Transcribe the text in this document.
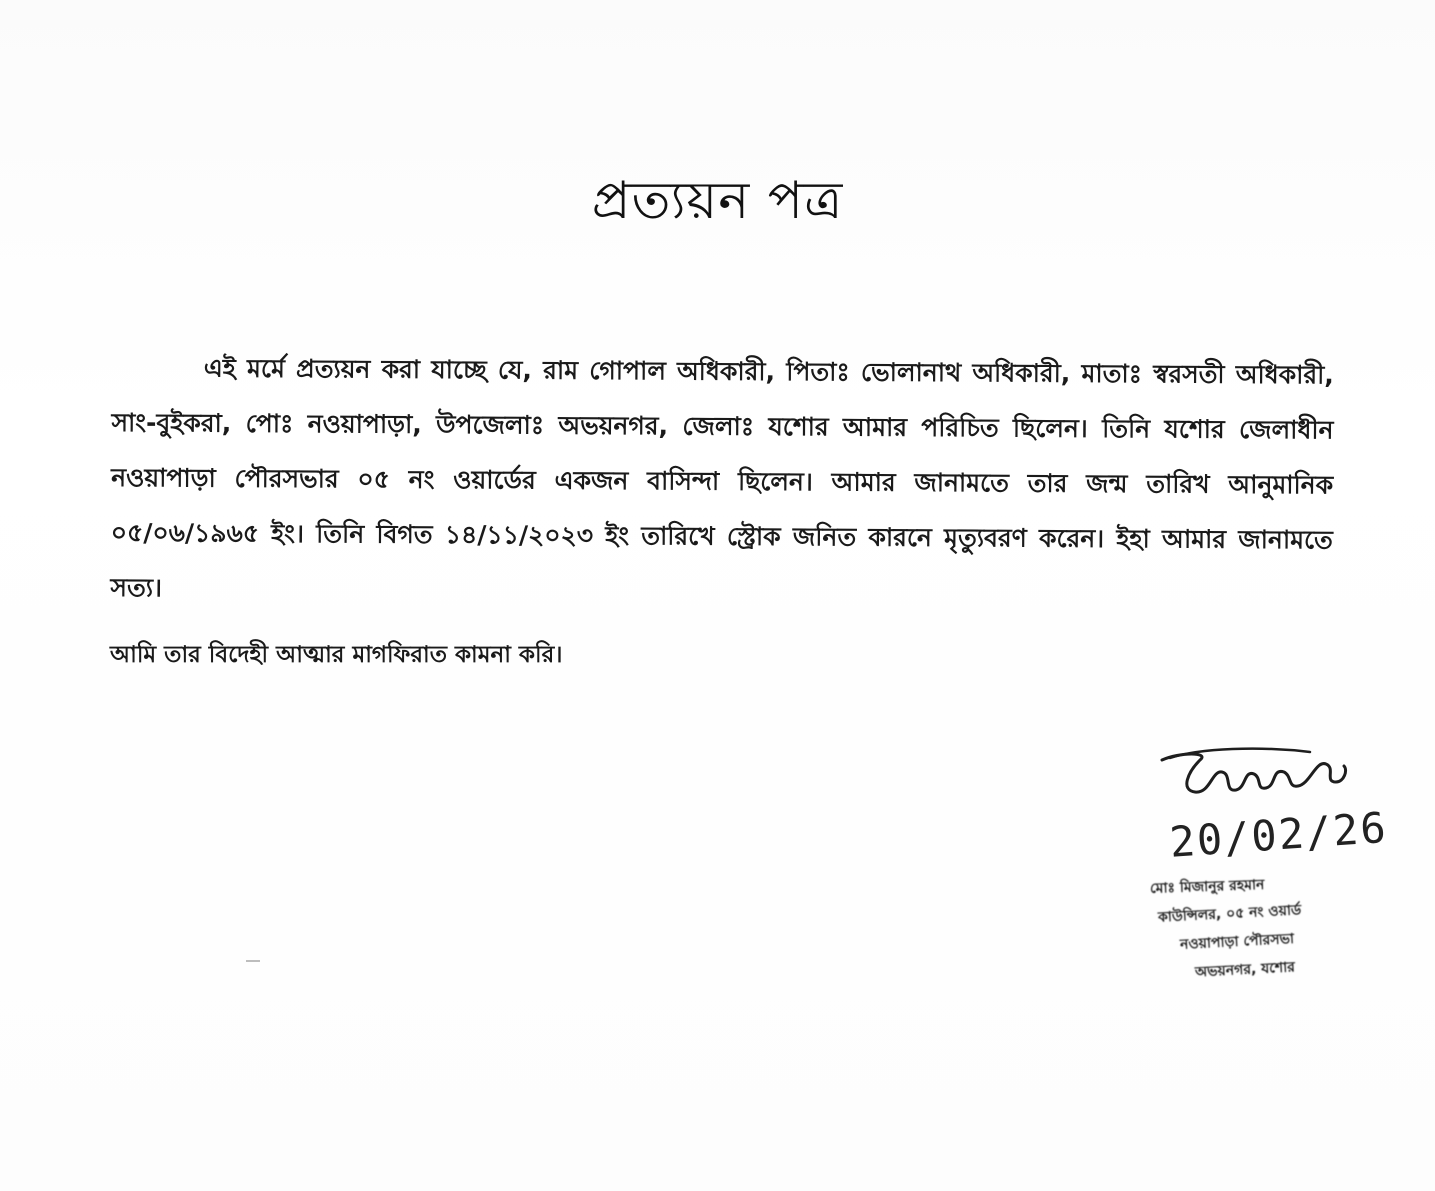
প্রত্যয়ন পত্র
এই মর্মে প্রত্যয়ন করা যাচ্ছে যে, রাম গোপাল অধিকারী, পিতাঃ ভোলানাথ অধিকারী, মাতাঃ স্বরসতী অধিকারী, সাং-বুইকরা, পোঃ নওয়াপাড়া, উপজেলাঃ অভয়নগর, জেলাঃ যশোর আমার পরিচিত ছিলেন। তিনি যশোর জেলাধীন নওয়াপাড়া পৌরসভার ০৫ নং ওয়ার্ডের একজন বাসিন্দা ছিলেন। আমার জানামতে তার জন্ম তারিখ আনুমানিক ০৫/০৬/১৯৬৫ ইং। তিনি বিগত ১৪/১১/২০২৩ ইং তারিখে স্ট্রোক জনিত কারনে মৃত্যুবরণ করেন। ইহা আমার জানামতে সত্য।
আমি তার বিদেহী আত্মার মাগফিরাত কামনা করি।
20/02/26
মোঃ মিজানুর রহমান
কাউন্সিলর, ০৫ নং ওয়ার্ড
নওয়াপাড়া পৌরসভা
অভয়নগর, যশোর
